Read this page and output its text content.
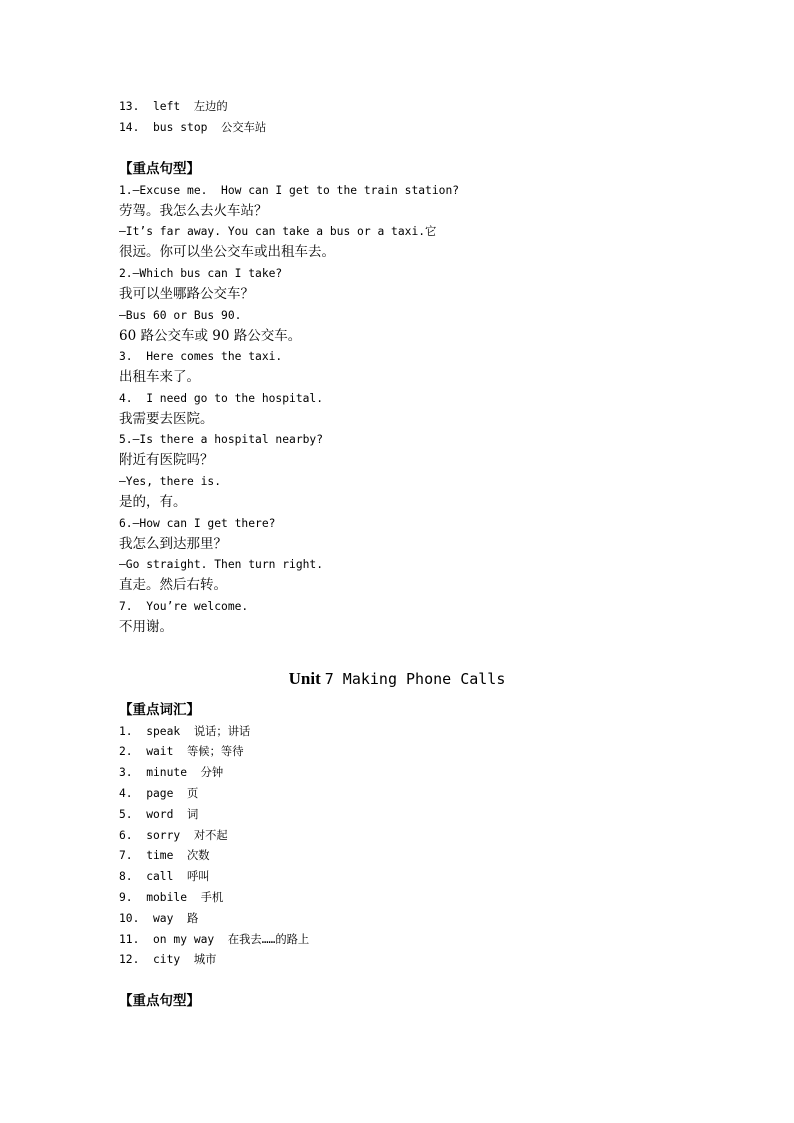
13.  left  左边的
14.  bus stop  公交车站
【重点句型】
1.—Excuse me.  How can I get to the train station?
劳驾。我怎么去火车站？
—It’s far away. You can take a bus or a taxi.它
很远。你可以坐公交车或出租车去。
2.—Which bus can I take?
我可以坐哪路公交车？
—Bus 60 or Bus 90.
60 路公交车或 90 路公交车。
3.  Here comes the taxi.
出租车来了。
4.  I need go to the hospital.
我需要去医院。
5.—Is there a hospital nearby?
附近有医院吗？
—Yes, there is.
是的，有。
6.—How can I get there?
我怎么到达那里？
—Go straight. Then turn right.
直走。然后右转。
7.  You’re welcome.
不用谢。
Unit 7 Making Phone Calls
【重点词汇】
1.  speak  说话；讲话
2.  wait  等候；等待
3.  minute  分钟
4.  page  页
5.  word  词
6.  sorry  对不起
7.  time  次数
8.  call  呼叫
9.  mobile  手机
10.  way  路
11.  on my way  在我去……的路上
12.  city  城市
【重点句型】
